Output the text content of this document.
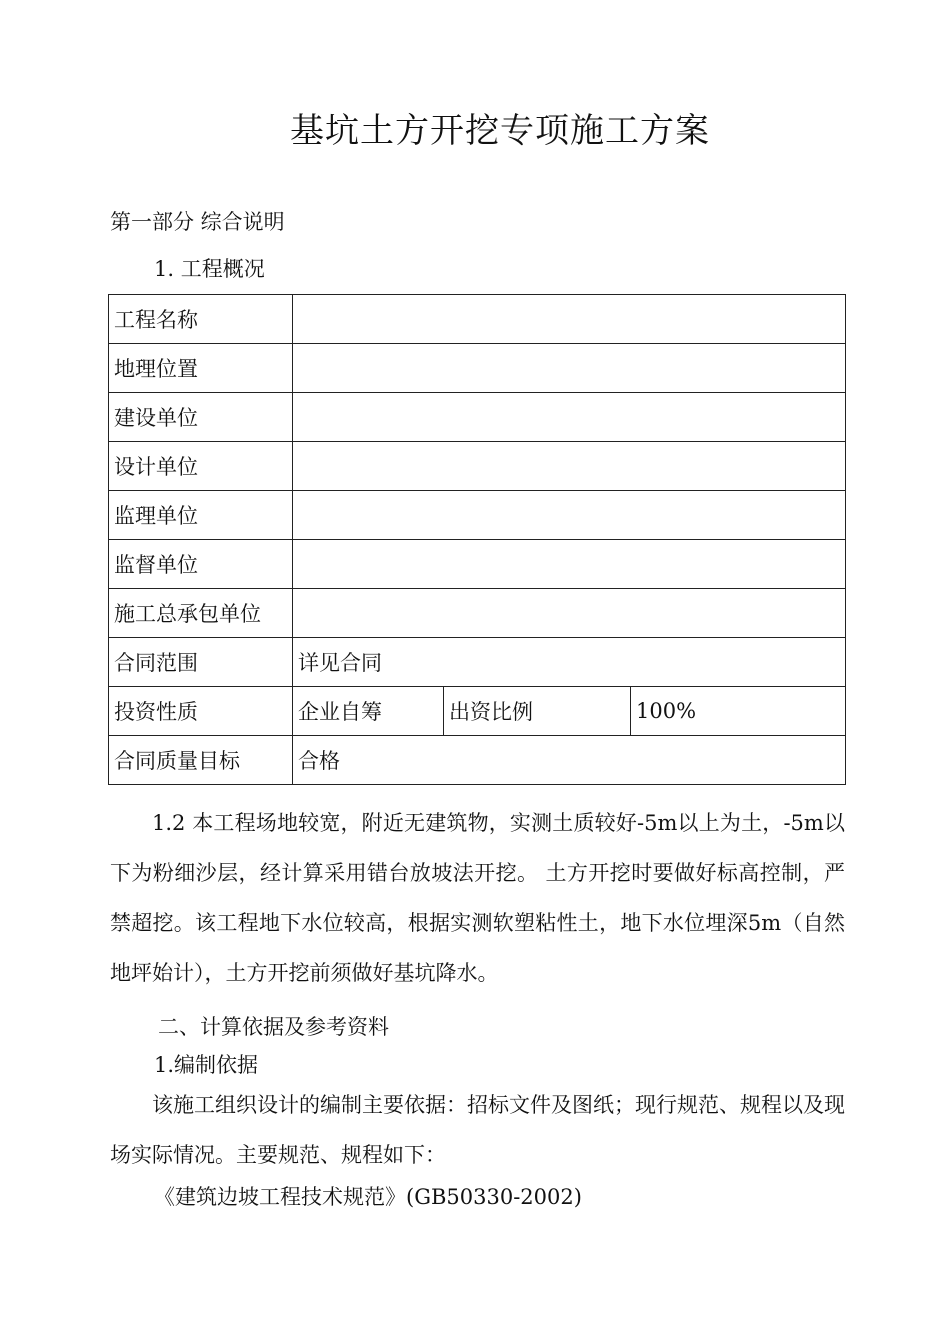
基坑土方开挖专项施工方案
第一部分 综合说明
1. 工程概况
工程名称			
地理位置			
建设单位			
设计单位			
监理单位			
监督单位			
施工总承包单位			
合同范围	详见合同		
投资性质	企业自筹	出资比例	100%
合同质量目标	合格		
1.2 本工程场地较宽，附近无建筑物，实测土质较好-5m以上为土，-5m以下为粉细沙层，经计算采用错台放坡法开挖。 土方开挖时要做好标高控制，严禁超挖。该工程地下水位较高，根据实测软塑粘性土，地下水位埋深5m（自然地坪始计），土方开挖前须做好基坑降水。
二、计算依据及参考资料
1.编制依据
该施工组织设计的编制主要依据：招标文件及图纸；现行规范、规程以及现场实际情况。主要规范、规程如下：
《建筑边坡工程技术规范》(GB50330-2002)
